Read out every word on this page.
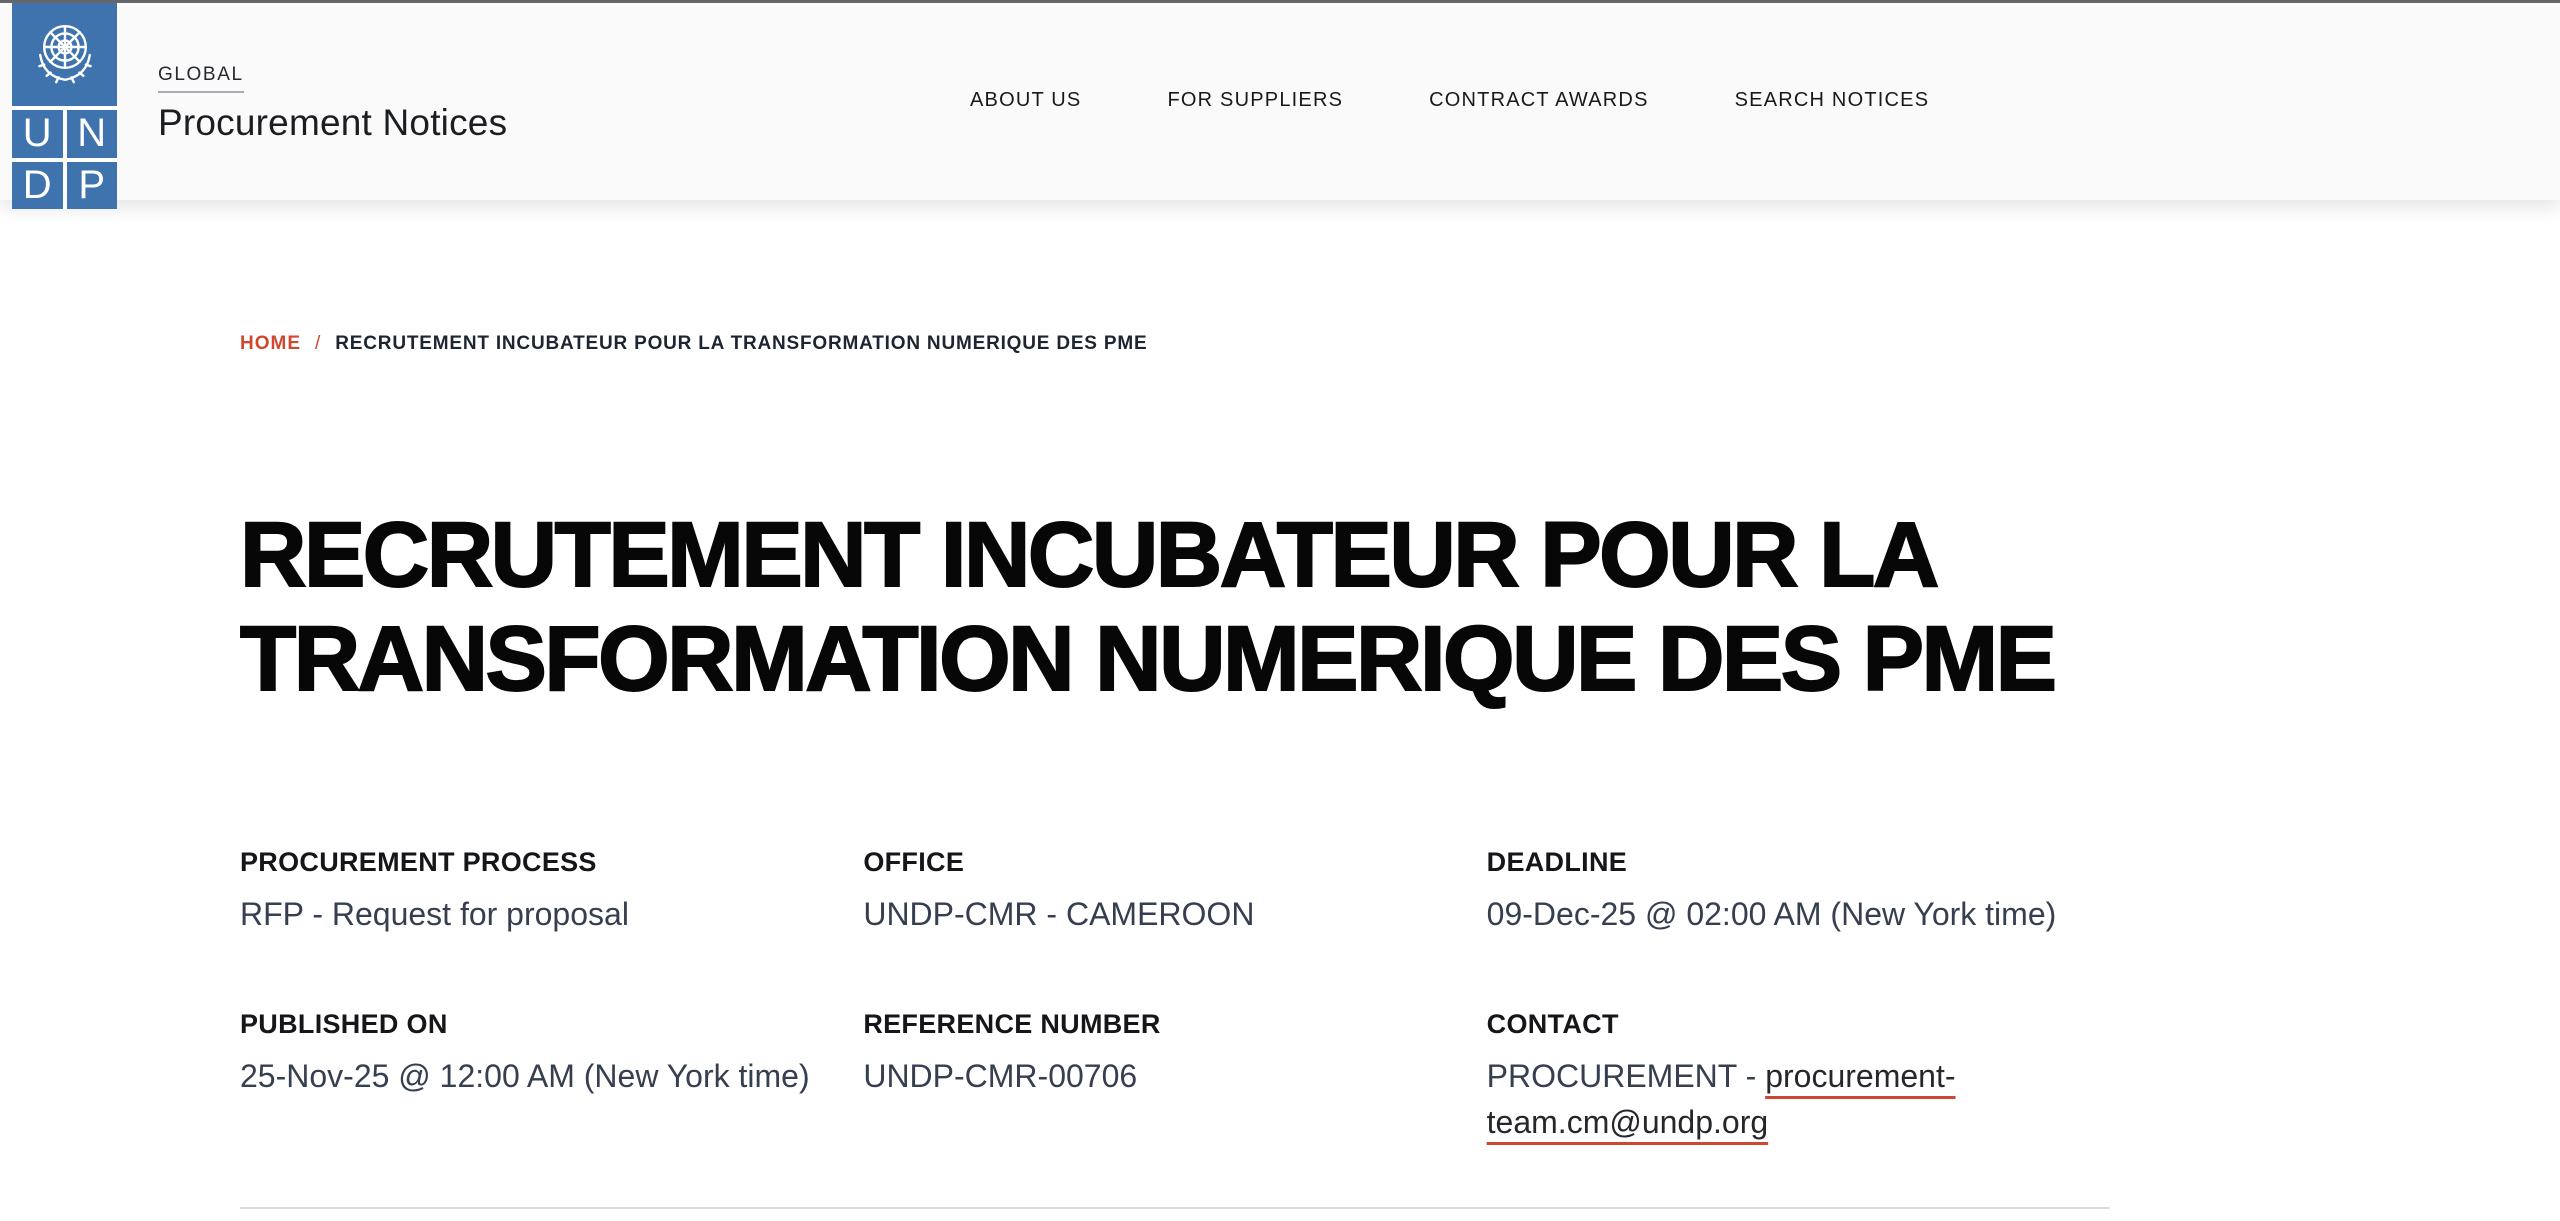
U N
D P
GLOBAL
Procurement Notices
ABOUT US	FOR SUPPLIERS	CONTRACT AWARDS	SEARCH NOTICES
HOME / RECRUTEMENT INCUBATEUR POUR LA TRANSFORMATION NUMERIQUE DES PME
RECRUTEMENT INCUBATEUR POUR LA TRANSFORMATION NUMERIQUE DES PME
PROCUREMENT PROCESS
RFP - Request for proposal
OFFICE
UNDP-CMR - CAMEROON
DEADLINE
09-Dec-25 @ 02:00 AM (New York time)
PUBLISHED ON
25-Nov-25 @ 12:00 AM (New York time)
REFERENCE NUMBER
UNDP-CMR-00706
CONTACT
PROCUREMENT - procurement-team.cm@undp.org
